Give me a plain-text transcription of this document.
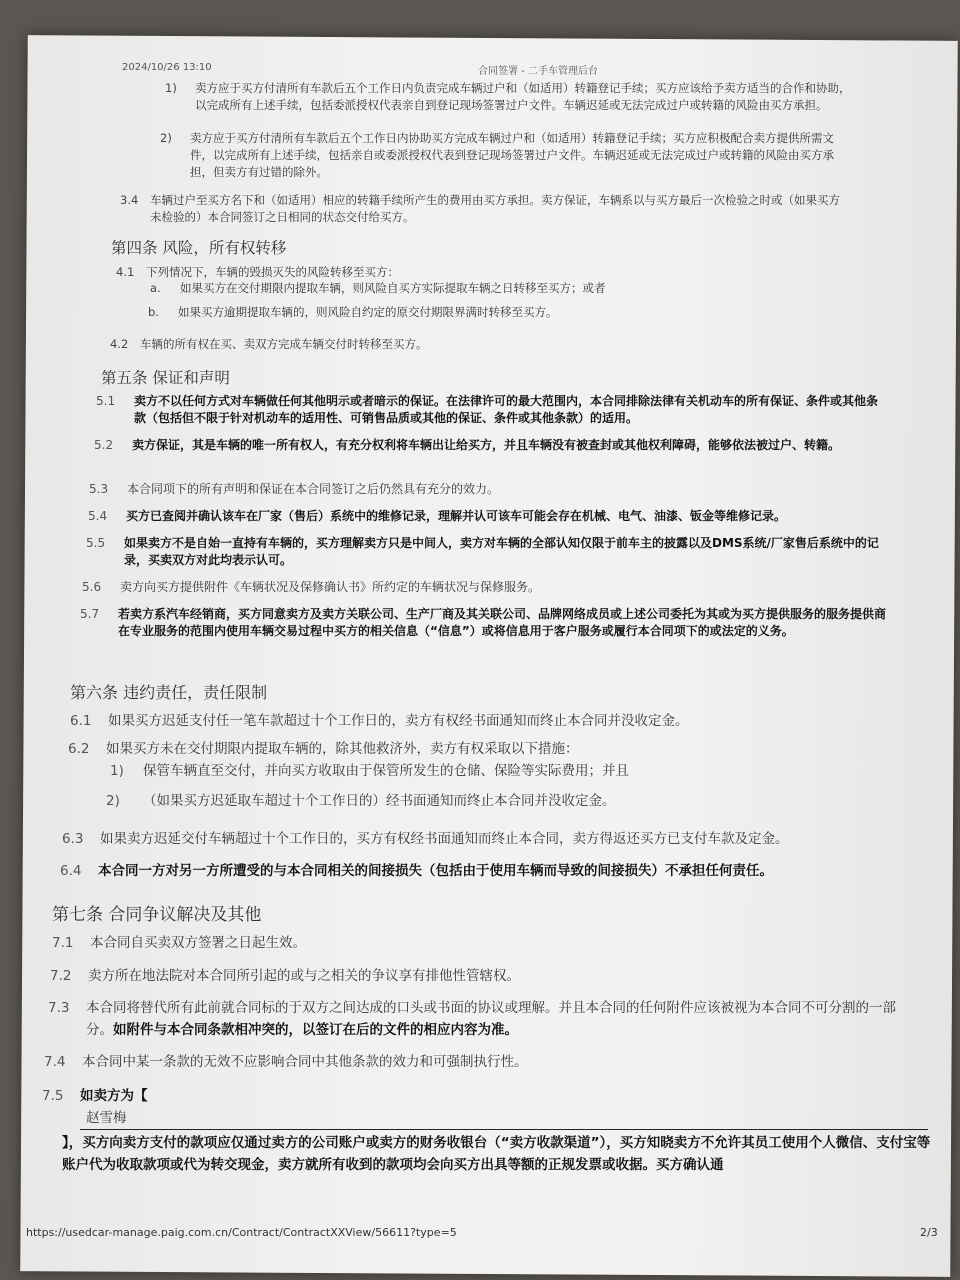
2024/10/26 13:10	合同签署 - 二手车管理后台
1) 卖方应于买方付清所有车款后五个工作日内负责完成车辆过户和（如适用）转籍登记手续；买方应该给予卖方适当的合作和协助，以完成所有上述手续，包括委派授权代表亲自到登记现场签署过户文件。车辆迟延或无法完成过户或转籍的风险由买方承担。
2) 卖方应于买方付清所有车款后五个工作日内协助买方完成车辆过户和（如适用）转籍登记手续；买方应积极配合卖方提供所需文件，以完成所有上述手续，包括亲自或委派授权代表到登记现场签署过户文件。车辆迟延或无法完成过户或转籍的风险由买方承担，但卖方有过错的除外。
3.4 车辆过户至买方名下和（如适用）相应的转籍手续所产生的费用由买方承担。卖方保证，车辆系以与买方最后一次检验之时或（如果买方未检验的）本合同签订之日相同的状态交付给买方。
第四条 风险，所有权转移
4.1 下列情况下，车辆的毁损灭失的风险转移至买方：
a. 如果买方在交付期限内提取车辆，则风险自买方实际提取车辆之日转移至买方；或者
b. 如果买方逾期提取车辆的，则风险自约定的原交付期限界满时转移至买方。
4.2 车辆的所有权在买、卖双方完成车辆交付时转移至买方。
第五条 保证和声明
5.1 卖方不以任何方式对车辆做任何其他明示或者暗示的保证。在法律许可的最大范围内，本合同排除法律有关机动车的所有保证、条件或其他条款（包括但不限于针对机动车的适用性、可销售品质或其他的保证、条件或其他条款）的适用。
5.2 卖方保证，其是车辆的唯一所有权人，有充分权利将车辆出让给买方，并且车辆没有被查封或其他权利障碍，能够依法被过户、转籍。
5.3 本合同项下的所有声明和保证在本合同签订之后仍然具有充分的效力。
5.4 买方已查阅并确认该车在厂家（售后）系统中的维修记录，理解并认可该车可能会存在机械、电气、油漆、钣金等维修记录。
5.5 如果卖方不是自始一直持有车辆的，买方理解卖方只是中间人，卖方对车辆的全部认知仅限于前车主的披露以及DMS系统/厂家售后系统中的记录，买卖双方对此均表示认可。
5.6 卖方向买方提供附件《车辆状况及保修确认书》所约定的车辆状况与保修服务。
5.7 若卖方系汽车经销商，买方同意卖方及卖方关联公司、生产厂商及其关联公司、品牌网络成员或上述公司委托为其或为买方提供服务的服务提供商在专业服务的范围内使用车辆交易过程中买方的相关信息（“信息”）或将信息用于客户服务或履行本合同项下的或法定的义务。
第六条 违约责任，责任限制
6.1 如果买方迟延支付任一笔车款超过十个工作日的，卖方有权经书面通知而终止本合同并没收定金。
6.2 如果买方未在交付期限内提取车辆的，除其他救济外，卖方有权采取以下措施：
1) 保管车辆直至交付，并向买方收取由于保管所发生的仓储、保险等实际费用；并且
2) （如果买方迟延取车超过十个工作日的）经书面通知而终止本合同并没收定金。
6.3 如果卖方迟延交付车辆超过十个工作日的，买方有权经书面通知而终止本合同，卖方得返还买方已支付车款及定金。
6.4 本合同一方对另一方所遭受的与本合同相关的间接损失（包括由于使用车辆而导致的间接损失）不承担任何责任。
第七条 合同争议解决及其他
7.1 本合同自买卖双方签署之日起生效。
7.2 卖方所在地法院对本合同所引起的或与之相关的争议享有排他性管辖权。
7.3 本合同将替代所有此前就合同标的于双方之间达成的口头或书面的协议或理解。并且本合同的任何附件应该被视为本合同不可分割的一部分。如附件与本合同条款相冲突的，以签订在后的文件的相应内容为准。
7.4 本合同中某一条款的无效不应影响合同中其他条款的效力和可强制执行性。
7.5 如卖方为【
赵雪梅
】，买方向卖方支付的款项应仅通过卖方的公司账户或卖方的财务收银台（“卖方收款渠道”），买方知晓卖方不允许其员工使用个人微信、支付宝等账户代为收取款项或代为转交现金，卖方就所有收到的款项均会向买方出具等额的正规发票或收据。买方确认通
https://usedcar-manage.paig.com.cn/Contract/ContractXXView/56611?type=5	2/3
